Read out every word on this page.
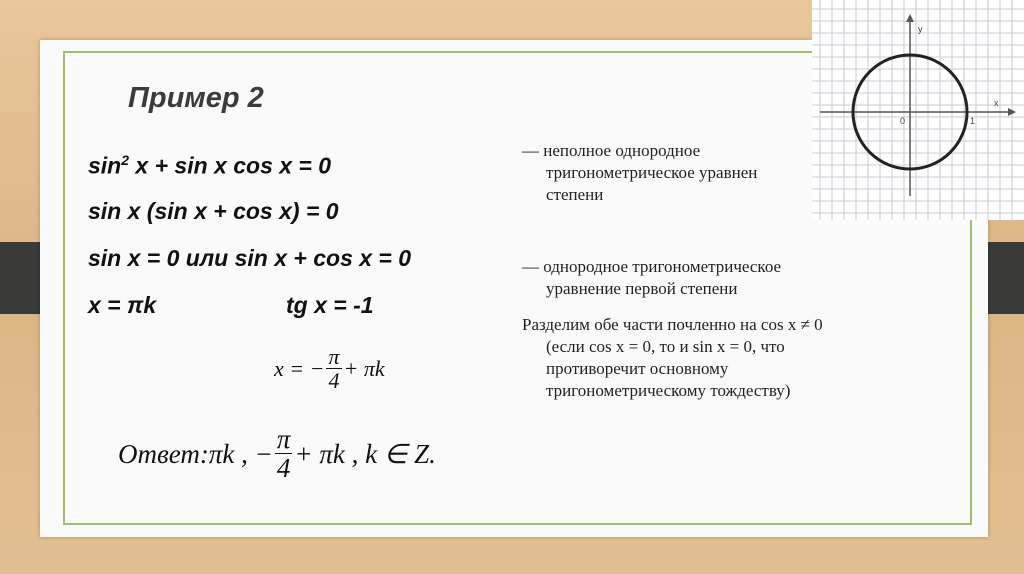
Пример 2
$\sin^2 x + \sin x$ cos x = 0
sin x (sin x + cos x) = 0
sin x = 0 или sin x + cos x = 0
x = πk	tg x = -1
x = − $\frac{\pi}{4} + \pi k$
Ответ: πk , − $\frac{\pi}{4} + \pi k$ , k ∈ Z.
— неполное однородное
тригонометрическое уравнен
степени
— однородное тригонометрическое
уравнение первой степени
Разделим обе части почленно на cos x ≠ 0
(если cos x = 0, то и sin x = 0, что
противоречит основному
тригонометрическому тождеству)
y
x
0	1
